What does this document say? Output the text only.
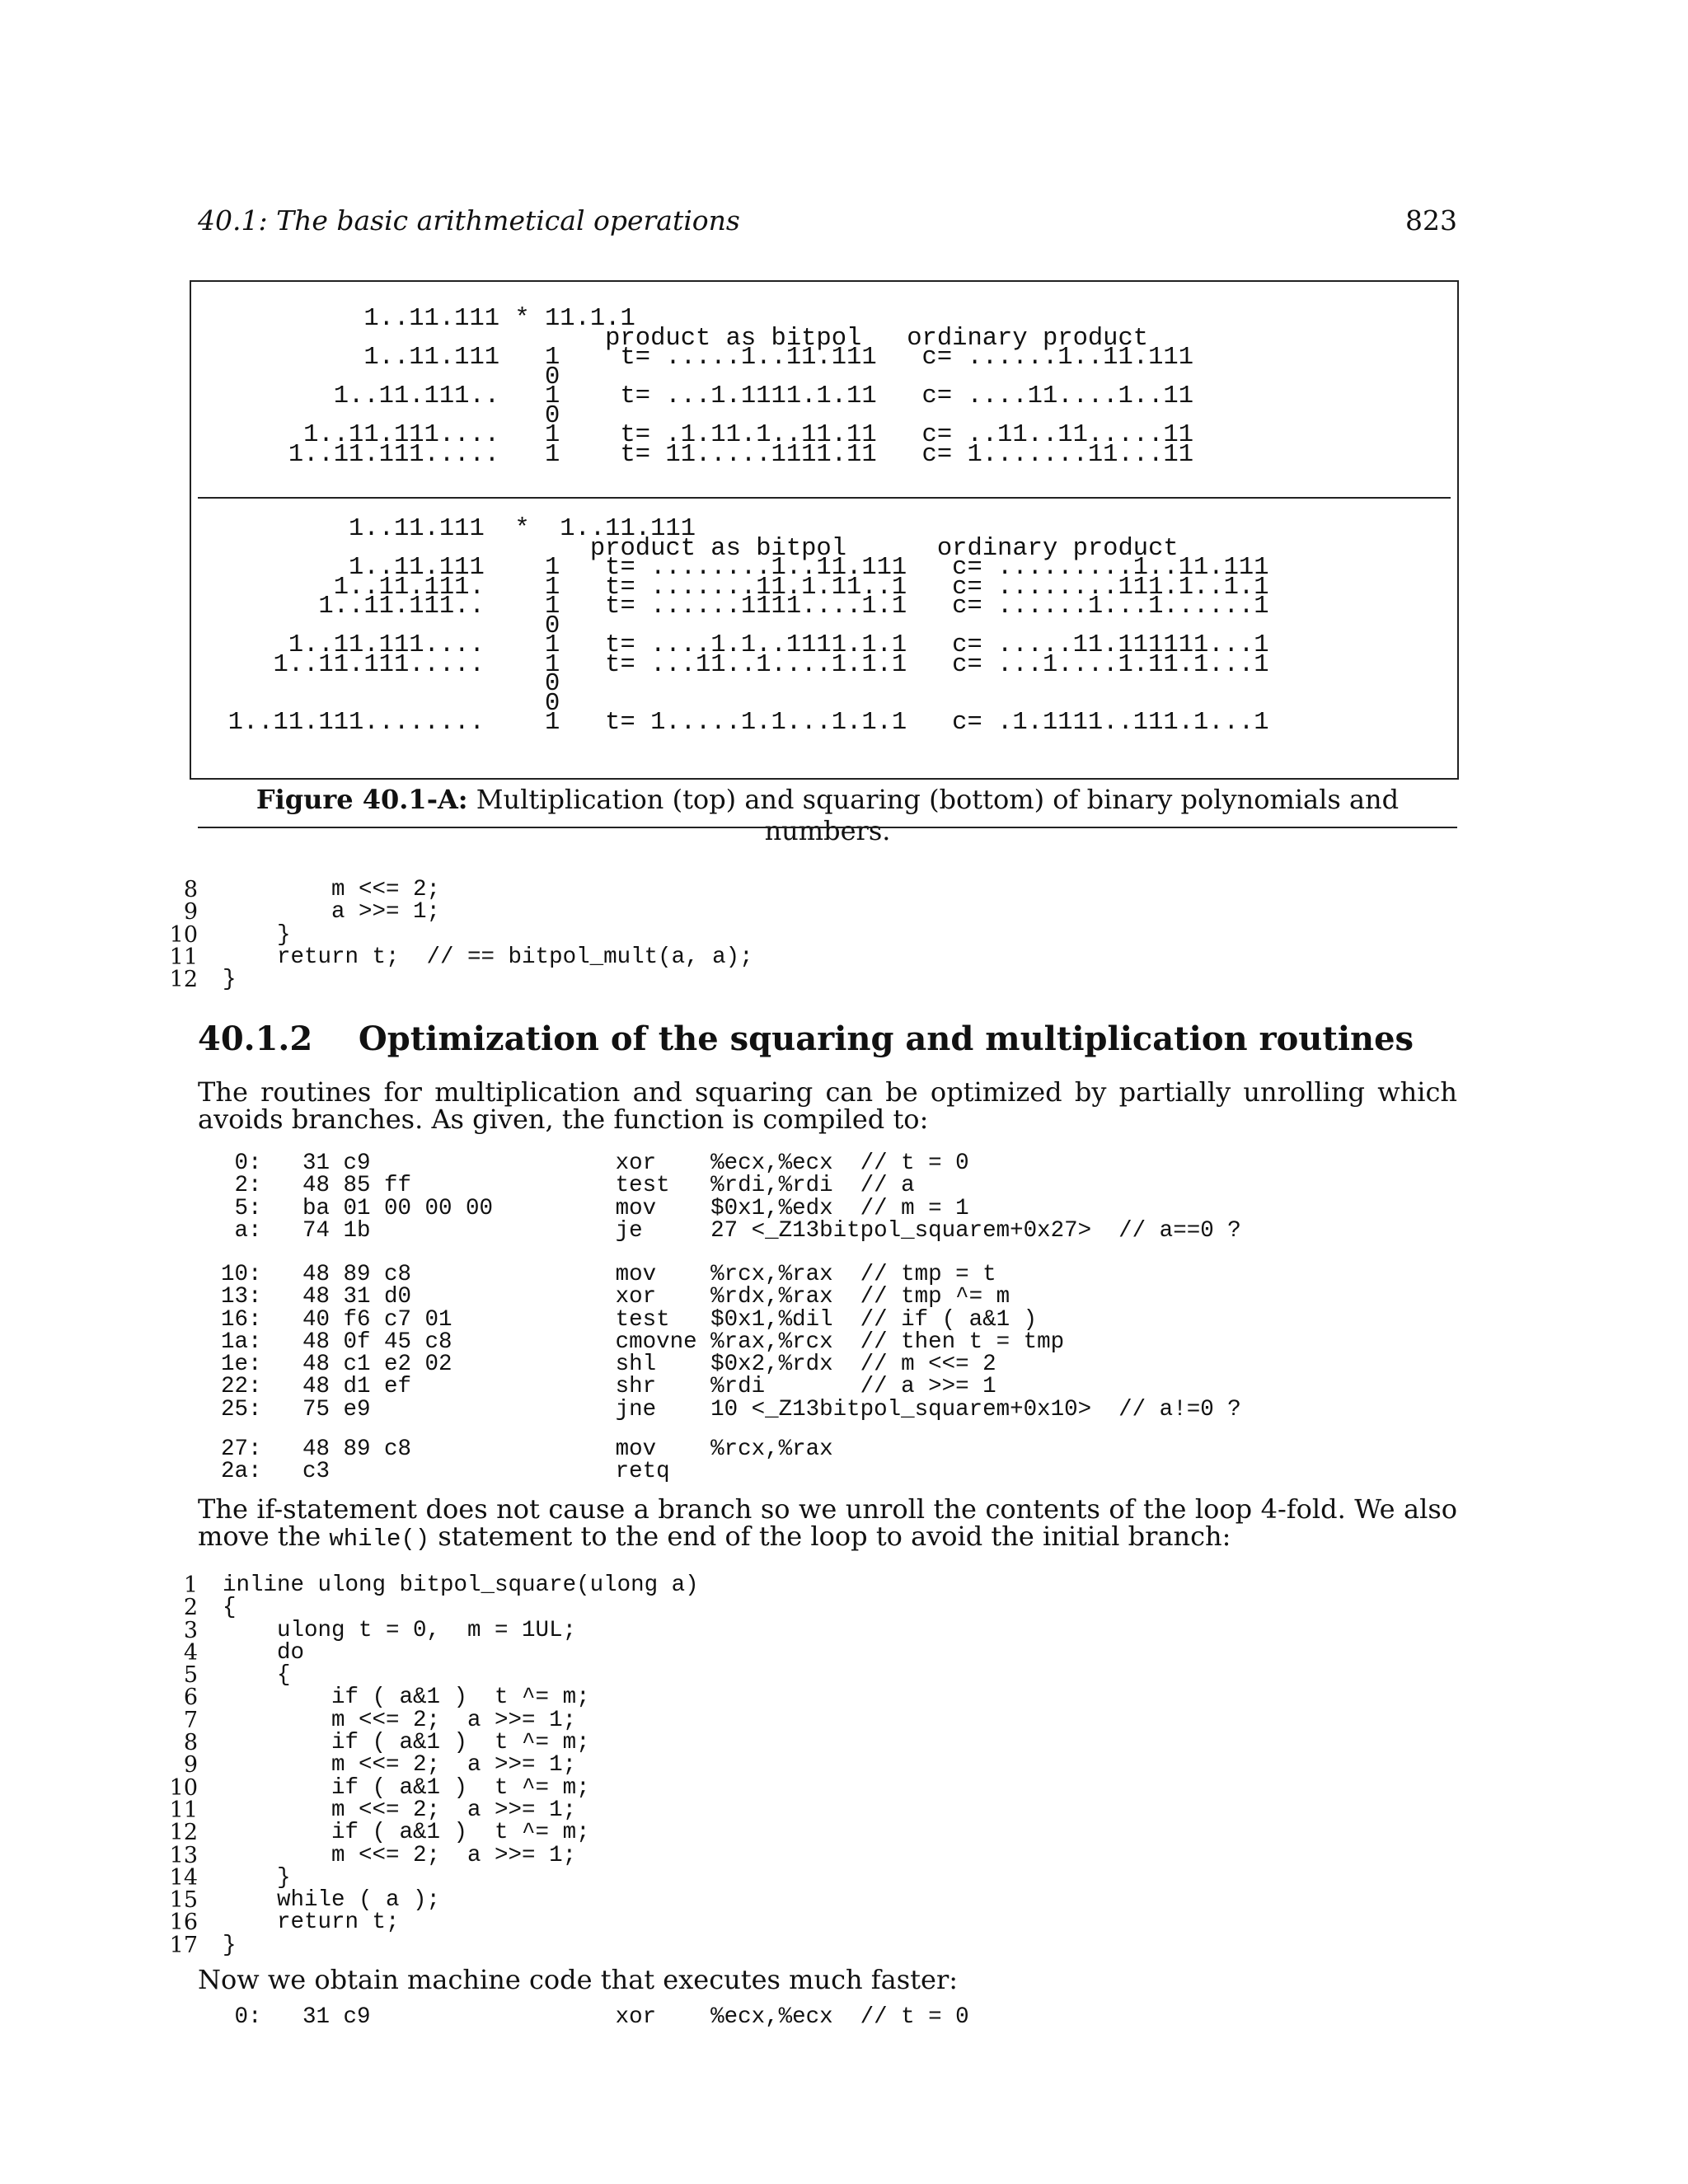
40.1: The basic arithmetical operations	823
1..11.111 * 11.1.1
product as bitpol   ordinary product
1..11.111   1    t= .....1..11.111   c= ......1..11.111
0
1..11.111..   1    t= ...1.1111.1.11   c= ....11....1..11
0
1..11.111....   1    t= .1.11.1..11.11   c= ..11..11.....11
1..11.111.....   1    t= 11.....1111.11   c= 1.......11...11
1..11.111  *  1..11.111
product as bitpol      ordinary product
1..11.111    1   t= ........1..11.111   c= .........1..11.111
1..11.111.    1   t= .......11.1.11..1   c= ........111.1..1.1
1..11.111..    1   t= ......1111....1.1   c= ......1...1......1
0
1..11.111....    1   t= ....1.1..1111.1.1   c= .....11.111111...1
1..11.111.....    1   t= ...11..1....1.1.1   c= ...1....1.11.1...1
0
0
1..11.111........    1   t= 1.....1.1...1.1.1   c= .1.1111..111.1...1
Figure 40.1-A: Multiplication (top) and squaring (bottom) of binary polynomials and numbers.
8	m <<= 2;
9	a >>= 1;
10	}
11	return t;  // == bitpol_mult(a, a);
12	}
40.1.2    Optimization of the squaring and multiplication routines
The routines for multiplication and squaring can be optimized by partially unrolling which avoids branches. As given, the function is compiled to:
0:   31 c9                  xor    %ecx,%ecx  // t = 0
2:   48 85 ff               test   %rdi,%rdi  // a
5:   ba 01 00 00 00         mov    $0x1,%edx  // m = 1
a:   74 1b                  je     27 <_Z13bitpol_squarem+0x27>  // a==0 ?
10:   48 89 c8               mov    %rcx,%rax  // tmp = t
13:   48 31 d0               xor    %rdx,%rax  // tmp ^= m
16:   40 f6 c7 01            test   $0x1,%dil  // if ( a&1 )
1a:   48 0f 45 c8            cmovne %rax,%rcx  // then t = tmp
1e:   48 c1 e2 02            shl    $0x2,%rdx  // m <<= 2
22:   48 d1 ef               shr    %rdi       // a >>= 1
25:   75 e9                  jne    10 <_Z13bitpol_squarem+0x10>  // a!=0 ?
27:   48 89 c8               mov    %rcx,%rax
2a:   c3                     retq
The if-statement does not cause a branch so we unroll the contents of the loop 4-fold. We also move the while() statement to the end of the loop to avoid the initial branch:
1	inline ulong bitpol_square(ulong a)
2	{
3	ulong t = 0,  m = 1UL;
4	do
5	{
6	if ( a&1 )  t ^= m;
7	m <<= 2;  a >>= 1;
8	if ( a&1 )  t ^= m;
9	m <<= 2;  a >>= 1;
10	if ( a&1 )  t ^= m;
11	m <<= 2;  a >>= 1;
12	if ( a&1 )  t ^= m;
13	m <<= 2;  a >>= 1;
14	}
15	while ( a );
16	return t;
17	}
Now we obtain machine code that executes much faster:
0:   31 c9                  xor    %ecx,%ecx  // t = 0
